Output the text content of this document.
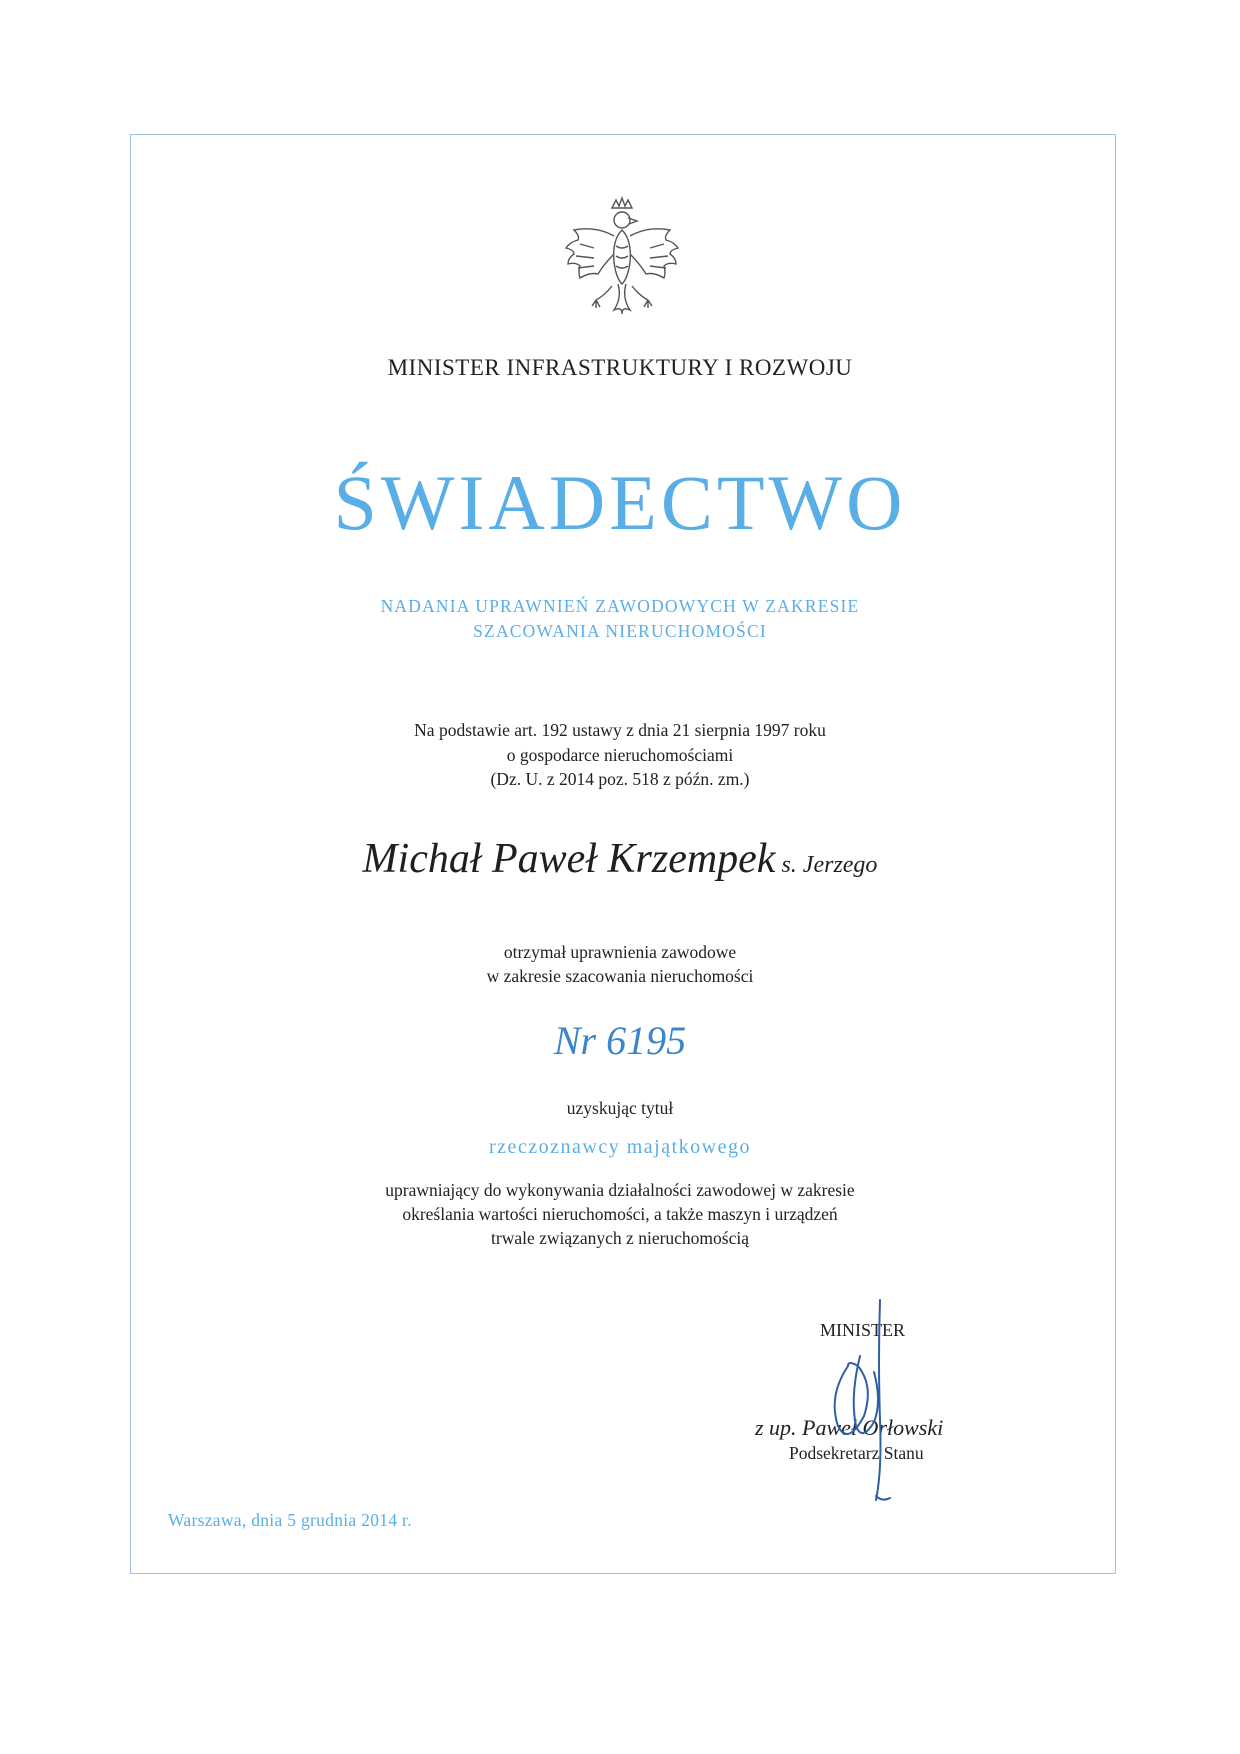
MINISTER INFRASTRUKTURY I ROZWOJU
ŚWIADECTWO
NADANIA UPRAWNIEŃ ZAWODOWYCH W ZAKRESIE
SZACOWANIA NIERUCHOMOŚCI
Na podstawie art. 192 ustawy z dnia 21 sierpnia 1997 roku
o gospodarce nieruchomościami
(Dz. U. z 2014 poz. 518 z późn. zm.)
Michał Paweł Krzempek s. Jerzego
otrzymał uprawnienia zawodowe
w zakresie szacowania nieruchomości
Nr 6195
uzyskując tytuł
rzeczoznawcy majątkowego
uprawniający do wykonywania działalności zawodowej w zakresie
określania wartości nieruchomości, a także maszyn i urządzeń
trwale związanych z nieruchomością
MINISTER
z up. Paweł Orłowski
Podsekretarz Stanu
Warszawa, dnia 5 grudnia 2014 r.
